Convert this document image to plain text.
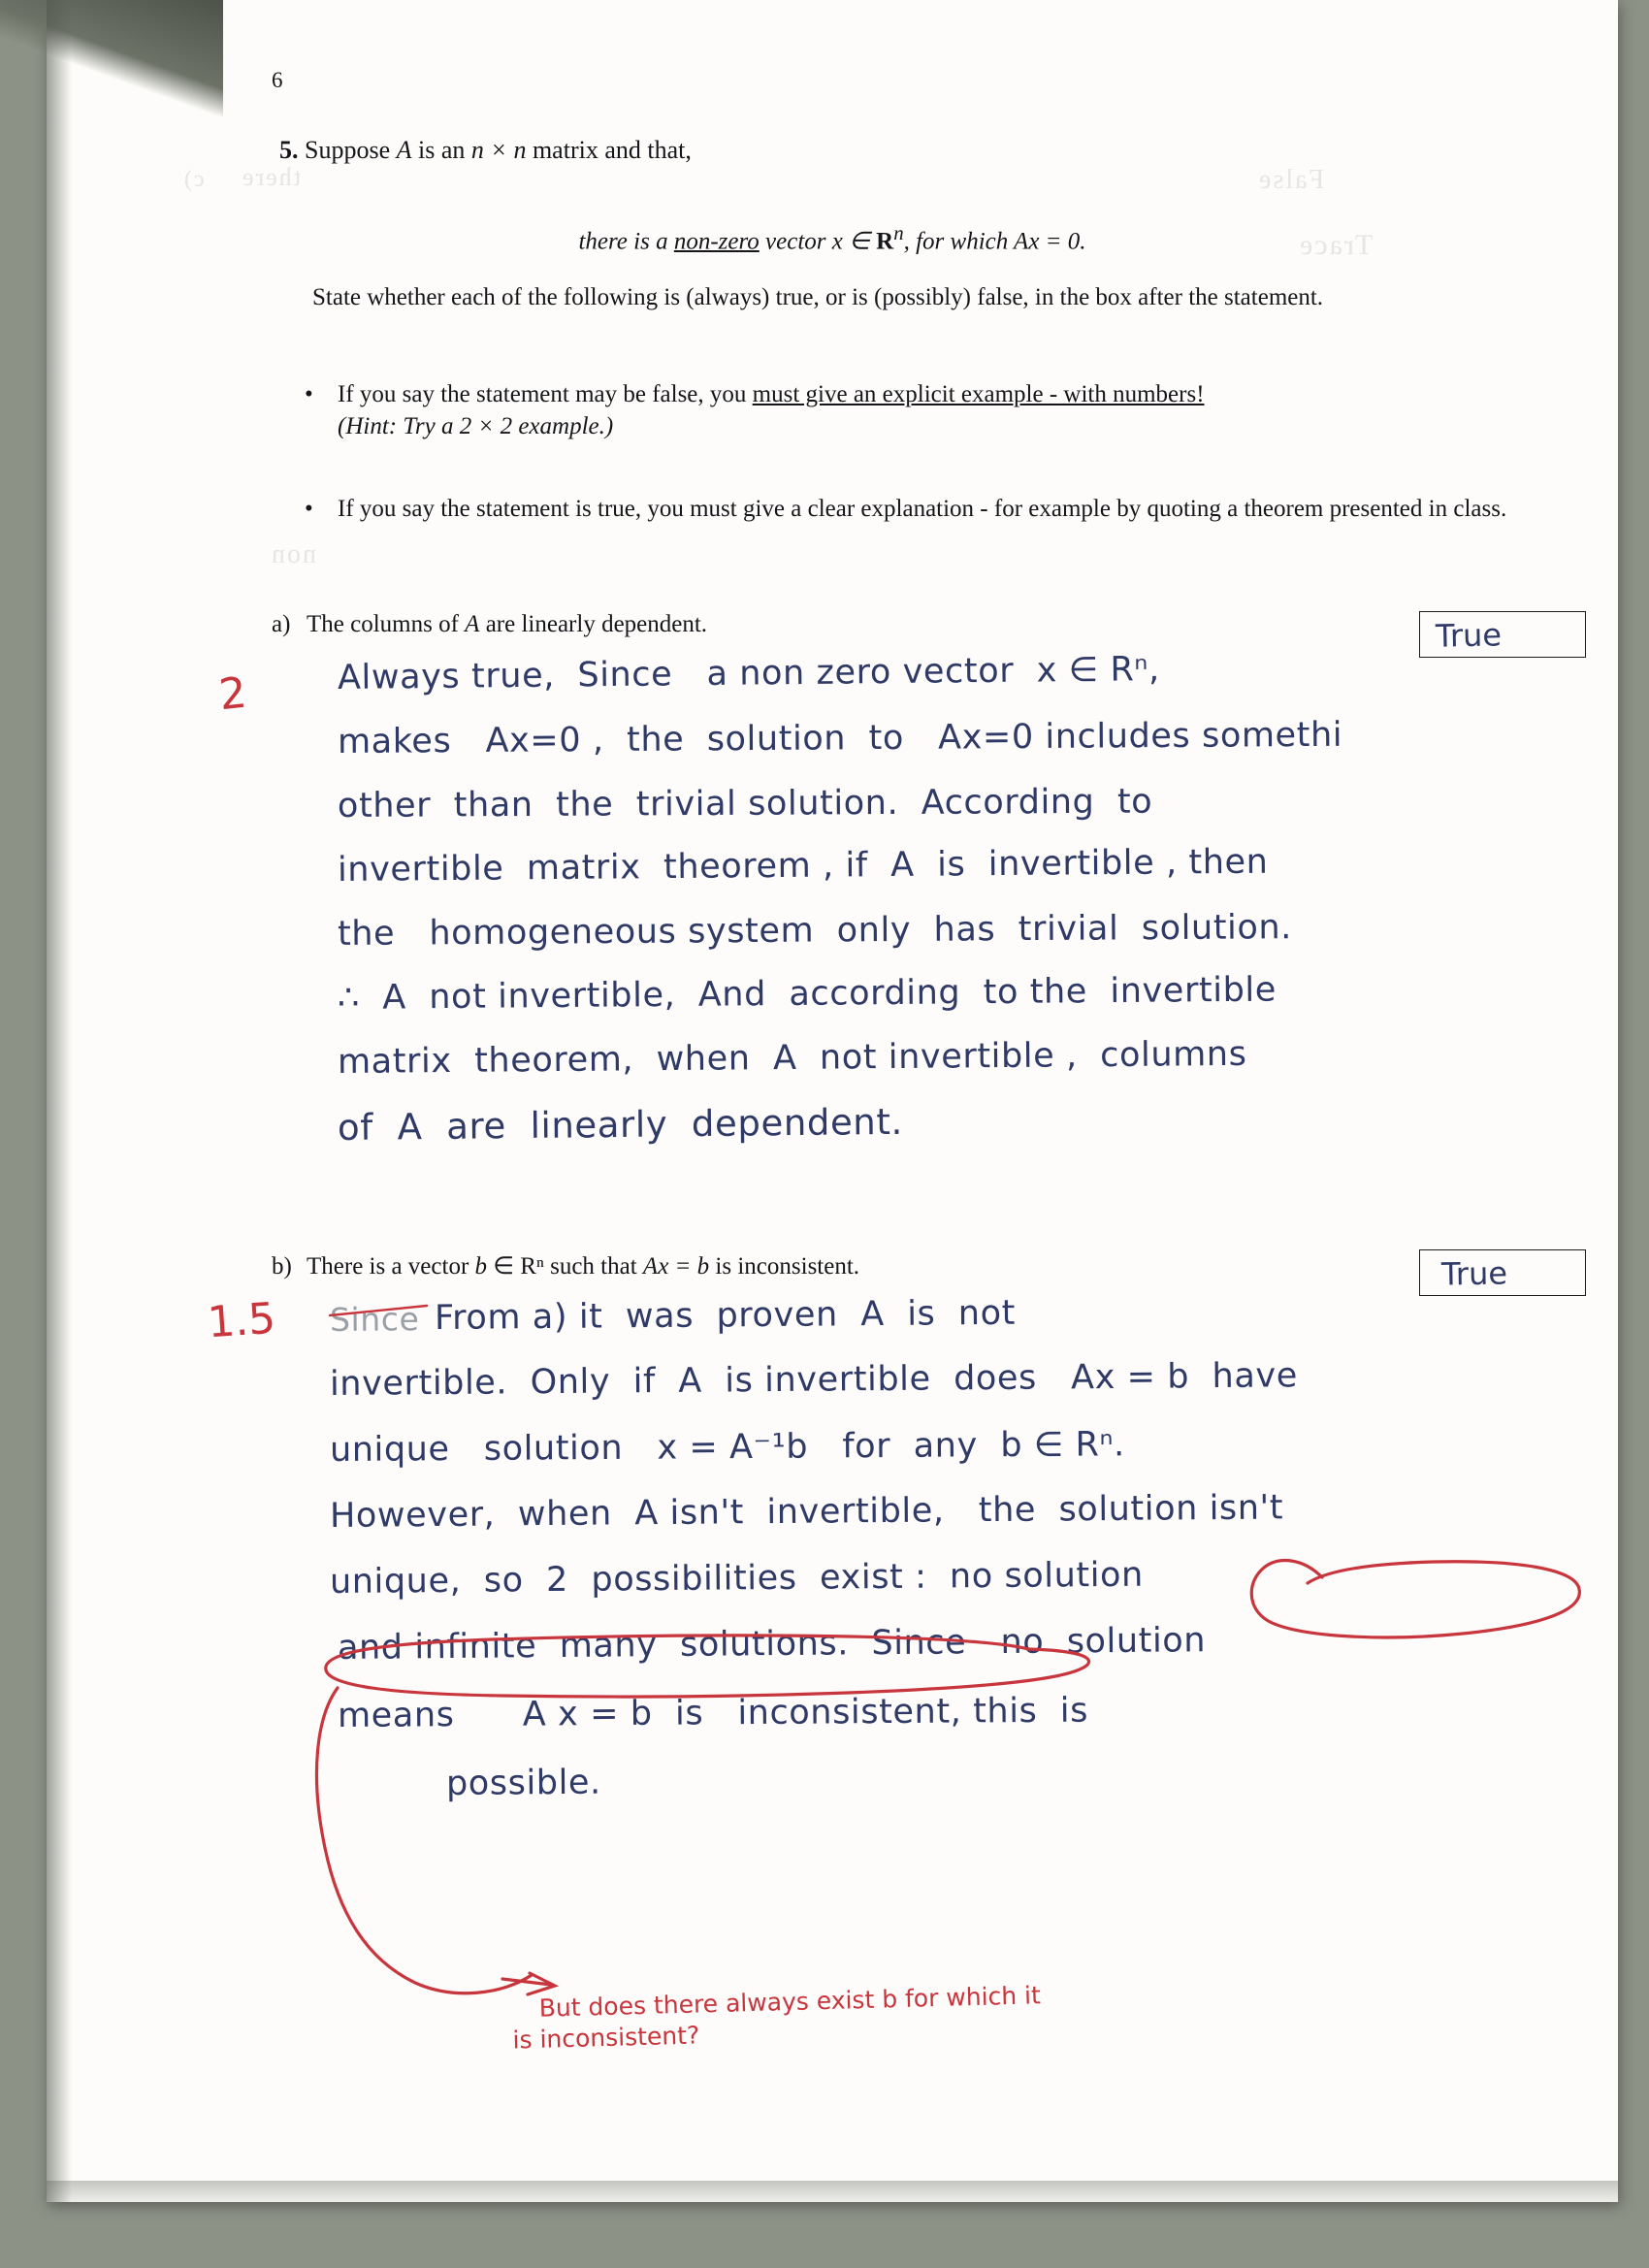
c) there	False
Trace
non
6
5. Suppose A is an n × n matrix and that,
there is a non-zero vector x ∈ $R^n$, for which Ax = 0.
State whether each of the following is (always) true, or is (possibly) false, in the box after the statement.
• If you say the statement may be false, you must give an explicit example - with numbers!
(Hint: Try a 2 × 2 example.)
• If you say the statement is true, you must give a clear explanation - for example by quoting a theorem presented in class.
a) The columns of A are linearly dependent.	True
2	Always true,  Since   a non zero vector  x ∈ Rⁿ,
makes   Ax=0 ,  the  solution  to   Ax=0 includes somethi
other  than  the  trivial solution.  According  to
invertible  matrix  theorem , if  A  is  invertible , then
the   homogeneous system  only  has  trivial  solution.
∴  A  not invertible,  And  according  to the  invertible
matrix  theorem,  when  A  not invertible ,  columns
of  A  are  linearly  dependent.
b) There is a vector b ∈ Rⁿ such that Ax = b is inconsistent.	True
1.5 Since From a) it  was  proven  A  is  not
invertible.  Only  if  A  is invertible  does   Ax = b  have
unique   solution   x = A⁻¹b   for  any  b ∈ Rⁿ.
However,  when  A isn't  invertible,   the  solution isn't
unique,  so  2  possibilities  exist :  no solution
and infinite  many  solutions.  Since   no  solution
means      A x = b  is   inconsistent, this  is
possible.

But does there always exist b for which it

is inconsistent?
